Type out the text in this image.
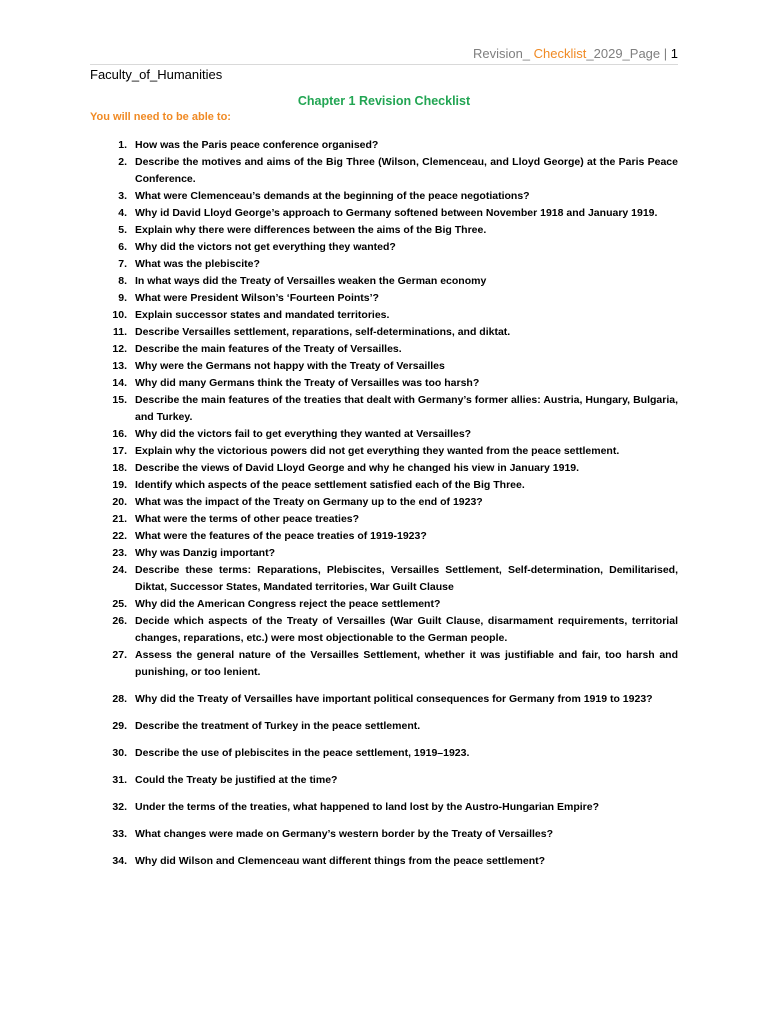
Revision_ Checklist_2029_Page | 1
Faculty_of_Humanities
Chapter 1 Revision Checklist
You will need to be able to:
1. How was the Paris peace conference organised?
2. Describe the motives and aims of the Big Three (Wilson, Clemenceau, and Lloyd George) at the Paris Peace Conference.
3. What were Clemenceau’s demands at the beginning of the peace negotiations?
4. Why id David Lloyd George’s approach to Germany softened between November 1918 and January 1919.
5. Explain why there were differences between the aims of the Big Three.
6. Why did the victors not get everything they wanted?
7. What was the plebiscite?
8. In what ways did the Treaty of Versailles weaken the German economy
9. What were President Wilson’s ‘Fourteen Points’?
10. Explain successor states and mandated territories.
11. Describe Versailles settlement, reparations, self-determinations, and diktat.
12. Describe the main features of the Treaty of Versailles.
13. Why were the Germans not happy with the Treaty of Versailles
14. Why did many Germans think the Treaty of Versailles was too harsh?
15. Describe the main features of the treaties that dealt with Germany’s former allies: Austria, Hungary, Bulgaria, and Turkey.
16. Why did the victors fail to get everything they wanted at Versailles?
17. Explain why the victorious powers did not get everything they wanted from the peace settlement.
18. Describe the views of David Lloyd George and why he changed his view in January 1919.
19. Identify which aspects of the peace settlement satisfied each of the Big Three.
20. What was the impact of the Treaty on Germany up to the end of 1923?
21. What were the terms of other peace treaties?
22. What were the features of the peace treaties of 1919-1923?
23. Why was Danzig important?
24. Describe these terms: Reparations, Plebiscites, Versailles Settlement, Self-determination, Demilitarised, Diktat, Successor States, Mandated territories, War Guilt Clause
25. Why did the American Congress reject the peace settlement?
26. Decide which aspects of the Treaty of Versailles (War Guilt Clause, disarmament requirements, territorial changes, reparations, etc.) were most objectionable to the German people.
27. Assess the general nature of the Versailles Settlement, whether it was justifiable and fair, too harsh and punishing, or too lenient.
28. Why did the Treaty of Versailles have important political consequences for Germany from 1919 to 1923?
29. Describe the treatment of Turkey in the peace settlement.
30. Describe the use of plebiscites in the peace settlement, 1919–1923.
31. Could the Treaty be justified at the time?
32. Under the terms of the treaties, what happened to land lost by the Austro-Hungarian Empire?
33. What changes were made on Germany’s western border by the Treaty of Versailles?
34. Why did Wilson and Clemenceau want different things from the peace settlement?
